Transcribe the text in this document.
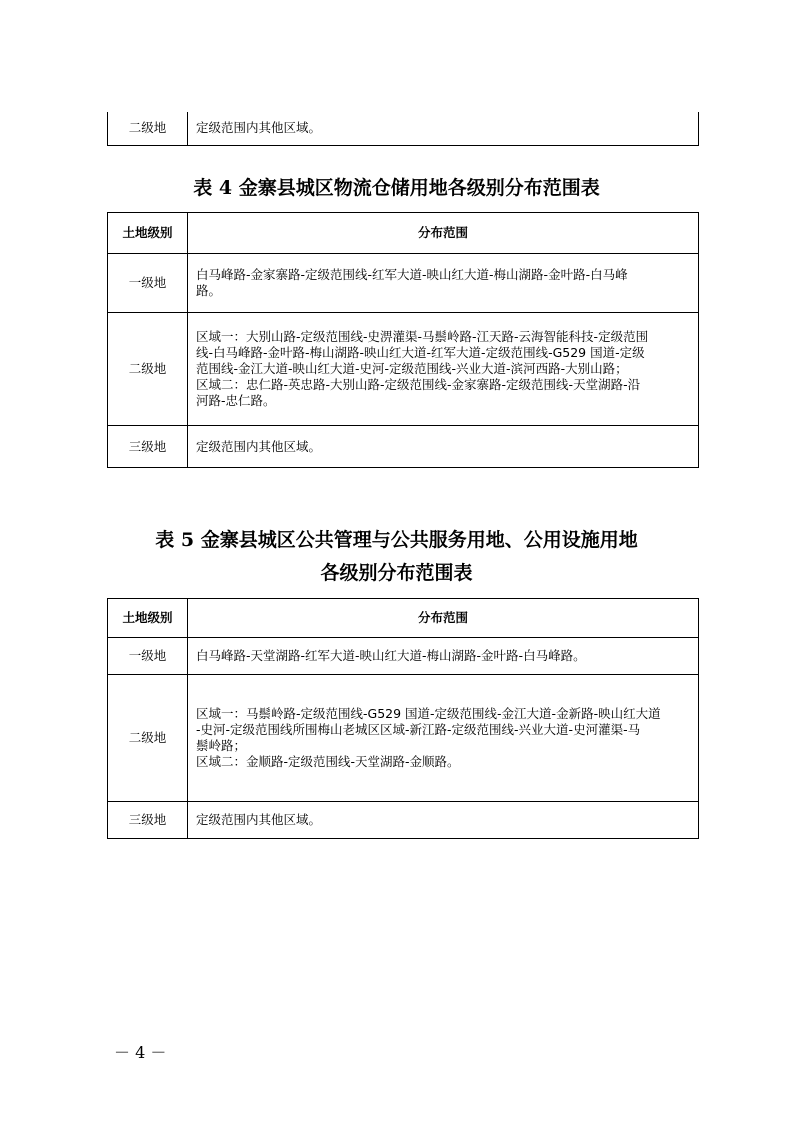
二级地	定级范围内其他区域。
表 4 金寨县城区物流仓储用地各级别分布范围表
土地级别	分布范围
一级地	白马峰路-金家寨路-定级范围线-红军大道-映山红大道-梅山湖路-金叶路-白马峰
路。

二级地	区域一：大别山路-定级范围线-史淠灌渠-马鬃岭路-江天路-云海智能科技-定级范围
线-白马峰路-金叶路-梅山湖路-映山红大道-红军大道-定级范围线-G529 国道-定级
范围线-金江大道-映山红大道-史河-定级范围线-兴业大道-滨河西路-大别山路；
区域二：忠仁路-英忠路-大别山路-定级范围线-金家寨路-定级范围线-天堂湖路-沿
河路-忠仁路。

三级地	定级范围内其他区域。
表 5 金寨县城区公共管理与公共服务用地、公用设施用地
各级别分布范围表
土地级别	分布范围
一级地	白马峰路-天堂湖路-红军大道-映山红大道-梅山湖路-金叶路-白马峰路。

二级地	区域一：马鬃岭路-定级范围线-G529 国道-定级范围线-金江大道-金新路-映山红大道
-史河-定级范围线所围梅山老城区区域-新江路-定级范围线-兴业大道-史河灌渠-马
鬃岭路；
区域二：金顺路-定级范围线-天堂湖路-金顺路。

三级地	定级范围内其他区域。
－ 4 －
